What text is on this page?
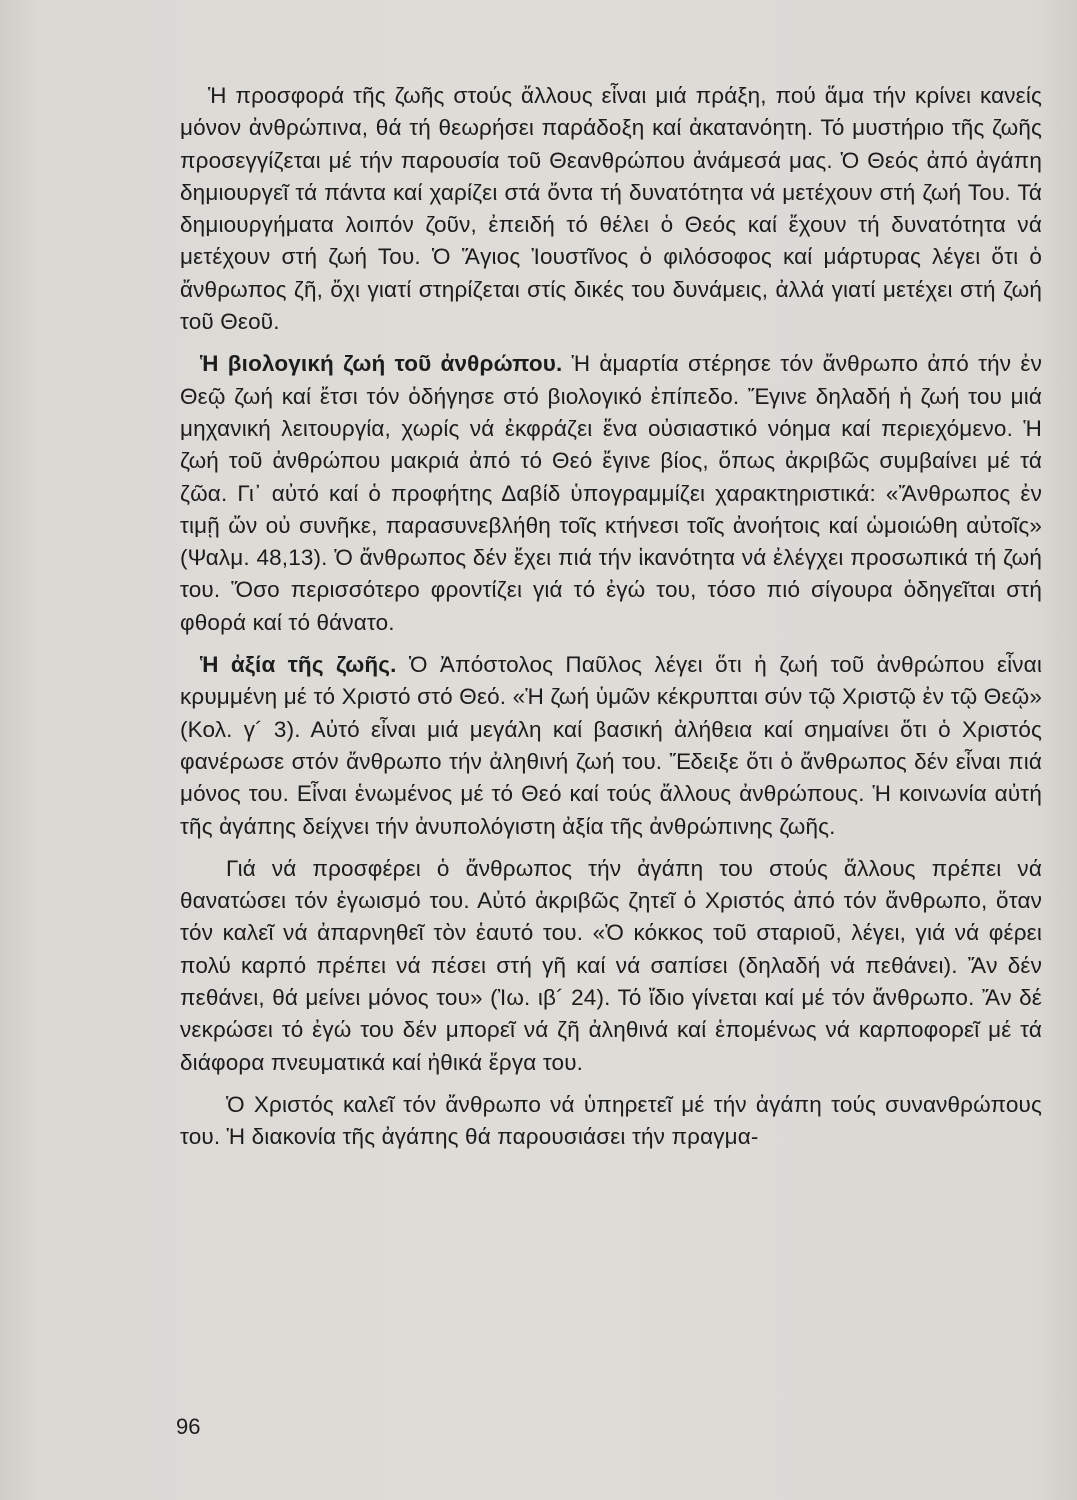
Ἡ προσφορά τῆς ζωῆς στούς ἄλλους εἶναι μιά πράξη, πού ἅμα τήν κρίνει κανείς μόνον ἀνθρώπινα, θά τή θεωρήσει παράδοξη καί ἀκατανόητη. Τό μυστήριο τῆς ζωῆς προσεγγίζεται μέ τήν παρουσία τοῦ Θεανθρώπου ἀνάμεσά μας. Ὁ Θεός ἀπό ἀγάπη δημιουργεῖ τά πάντα καί χαρίζει στά ὄντα τή δυνατότητα νά μετέχουν στή ζωή Του. Τά δημιουργήματα λοιπόν ζοῦν, ἐπειδή τό θέλει ὁ Θεός καί ἔχουν τή δυνατότητα νά μετέχουν στή ζωή Του. Ὁ Ἅγιος Ἰουστῖνος ὁ φιλόσοφος καί μάρτυρας λέγει ὅτι ὁ ἄνθρωπος ζῆ, ὄχι γιατί στηρίζεται στίς δικές του δυνάμεις, ἀλλά γιατί μετέχει στή ζωή τοῦ Θεοῦ.

Ἡ βιολογική ζωή τοῦ ἀνθρώπου. Ἡ ἁμαρτία στέρησε τόν ἄνθρωπο ἀπό τήν ἐν Θεῷ ζωή καί ἔτσι τόν ὁδήγησε στό βιολογικό ἐπίπεδο. Ἔγινε δηλαδή ἡ ζωή του μιά μηχανική λειτουργία, χωρίς νά ἐκφράζει ἕνα οὐσιαστικό νόημα καί περιεχόμενο. Ἡ ζωή τοῦ ἀνθρώπου μακριά ἀπό τό Θεό ἔγινε βίος, ὅπως ἀκριβῶς συμβαίνει μέ τά ζῶα. Γι᾽ αὐτό καί ὁ προφήτης Δαβίδ ὑπογραμμίζει χαρακτηριστικά: «Ἄνθρωπος ἐν τιμῇ ὤν οὐ συνῆκε, παρασυνεβλήθη τοῖς κτήνεσι τοῖς ἀνοήτοις καί ὡμοιώθη αὐτοῖς» (Ψαλμ. 48,13). Ὁ ἄνθρωπος δέν ἔχει πιά τήν ἱκανότητα νά ἐλέγχει προσωπικά τή ζωή του. Ὅσο περισσότερο φροντίζει γιά τό ἐγώ του, τόσο πιό σίγουρα ὁδηγεῖται στή φθορά καί τό θάνατο.

Ἡ ἀξία τῆς ζωῆς. Ὁ Ἀπόστολος Παῦλος λέγει ὅτι ἡ ζωή τοῦ ἀνθρώπου εἶναι κρυμμένη μέ τό Χριστό στό Θεό. «Ἡ ζωή ὑμῶν κέκρυπται σύν τῷ Χριστῷ ἐν τῷ Θεῷ» (Κολ. γ´ 3). Αὐτό εἶναι μιά μεγάλη καί βασική ἀλήθεια καί σημαίνει ὅτι ὁ Χριστός φανέρωσε στόν ἄνθρωπο τήν ἀληθινή ζωή του. Ἔδειξε ὅτι ὁ ἄνθρωπος δέν εἶναι πιά μόνος του. Εἶναι ἑνωμένος μέ τό Θεό καί τούς ἄλλους ἀνθρώπους. Ἡ κοινωνία αὐτή τῆς ἀγάπης δείχνει τήν ἀνυπολόγιστη ἀξία τῆς ἀνθρώπινης ζωῆς.

Γιά νά προσφέρει ὁ ἄνθρωπος τήν ἀγάπη του στούς ἄλλους πρέπει νά θανατώσει τόν ἐγωισμό του. Αὐτό ἀκριβῶς ζητεῖ ὁ Χριστός ἀπό τόν ἄνθρωπο, ὅταν τόν καλεῖ νά ἀπαρνηθεῖ τὸν ἑαυτό του. «Ὁ κόκκος τοῦ σταριοῦ, λέγει, γιά νά φέρει πολύ καρπό πρέπει νά πέσει στή γῆ καί νά σαπίσει (δηλαδή νά πεθάνει). Ἄν δέν πεθάνει, θά μείνει μόνος του» (Ἰω. ιβ´ 24). Τό ἴδιο γίνεται καί μέ τόν ἄνθρωπο. Ἄν δέ νεκρώσει τό ἐγώ του δέν μπορεῖ νά ζῆ ἀληθινά καί ἑπομένως νά καρποφορεῖ μέ τά διάφορα πνευματικά καί ἠθικά ἔργα του.

Ὁ Χριστός καλεῖ τόν ἄνθρωπο νά ὑπηρετεῖ μέ τήν ἀγάπη τούς συνανθρώπους του. Ἡ διακονία τῆς ἀγάπης θά παρουσιάσει τήν πραγμα-

96
